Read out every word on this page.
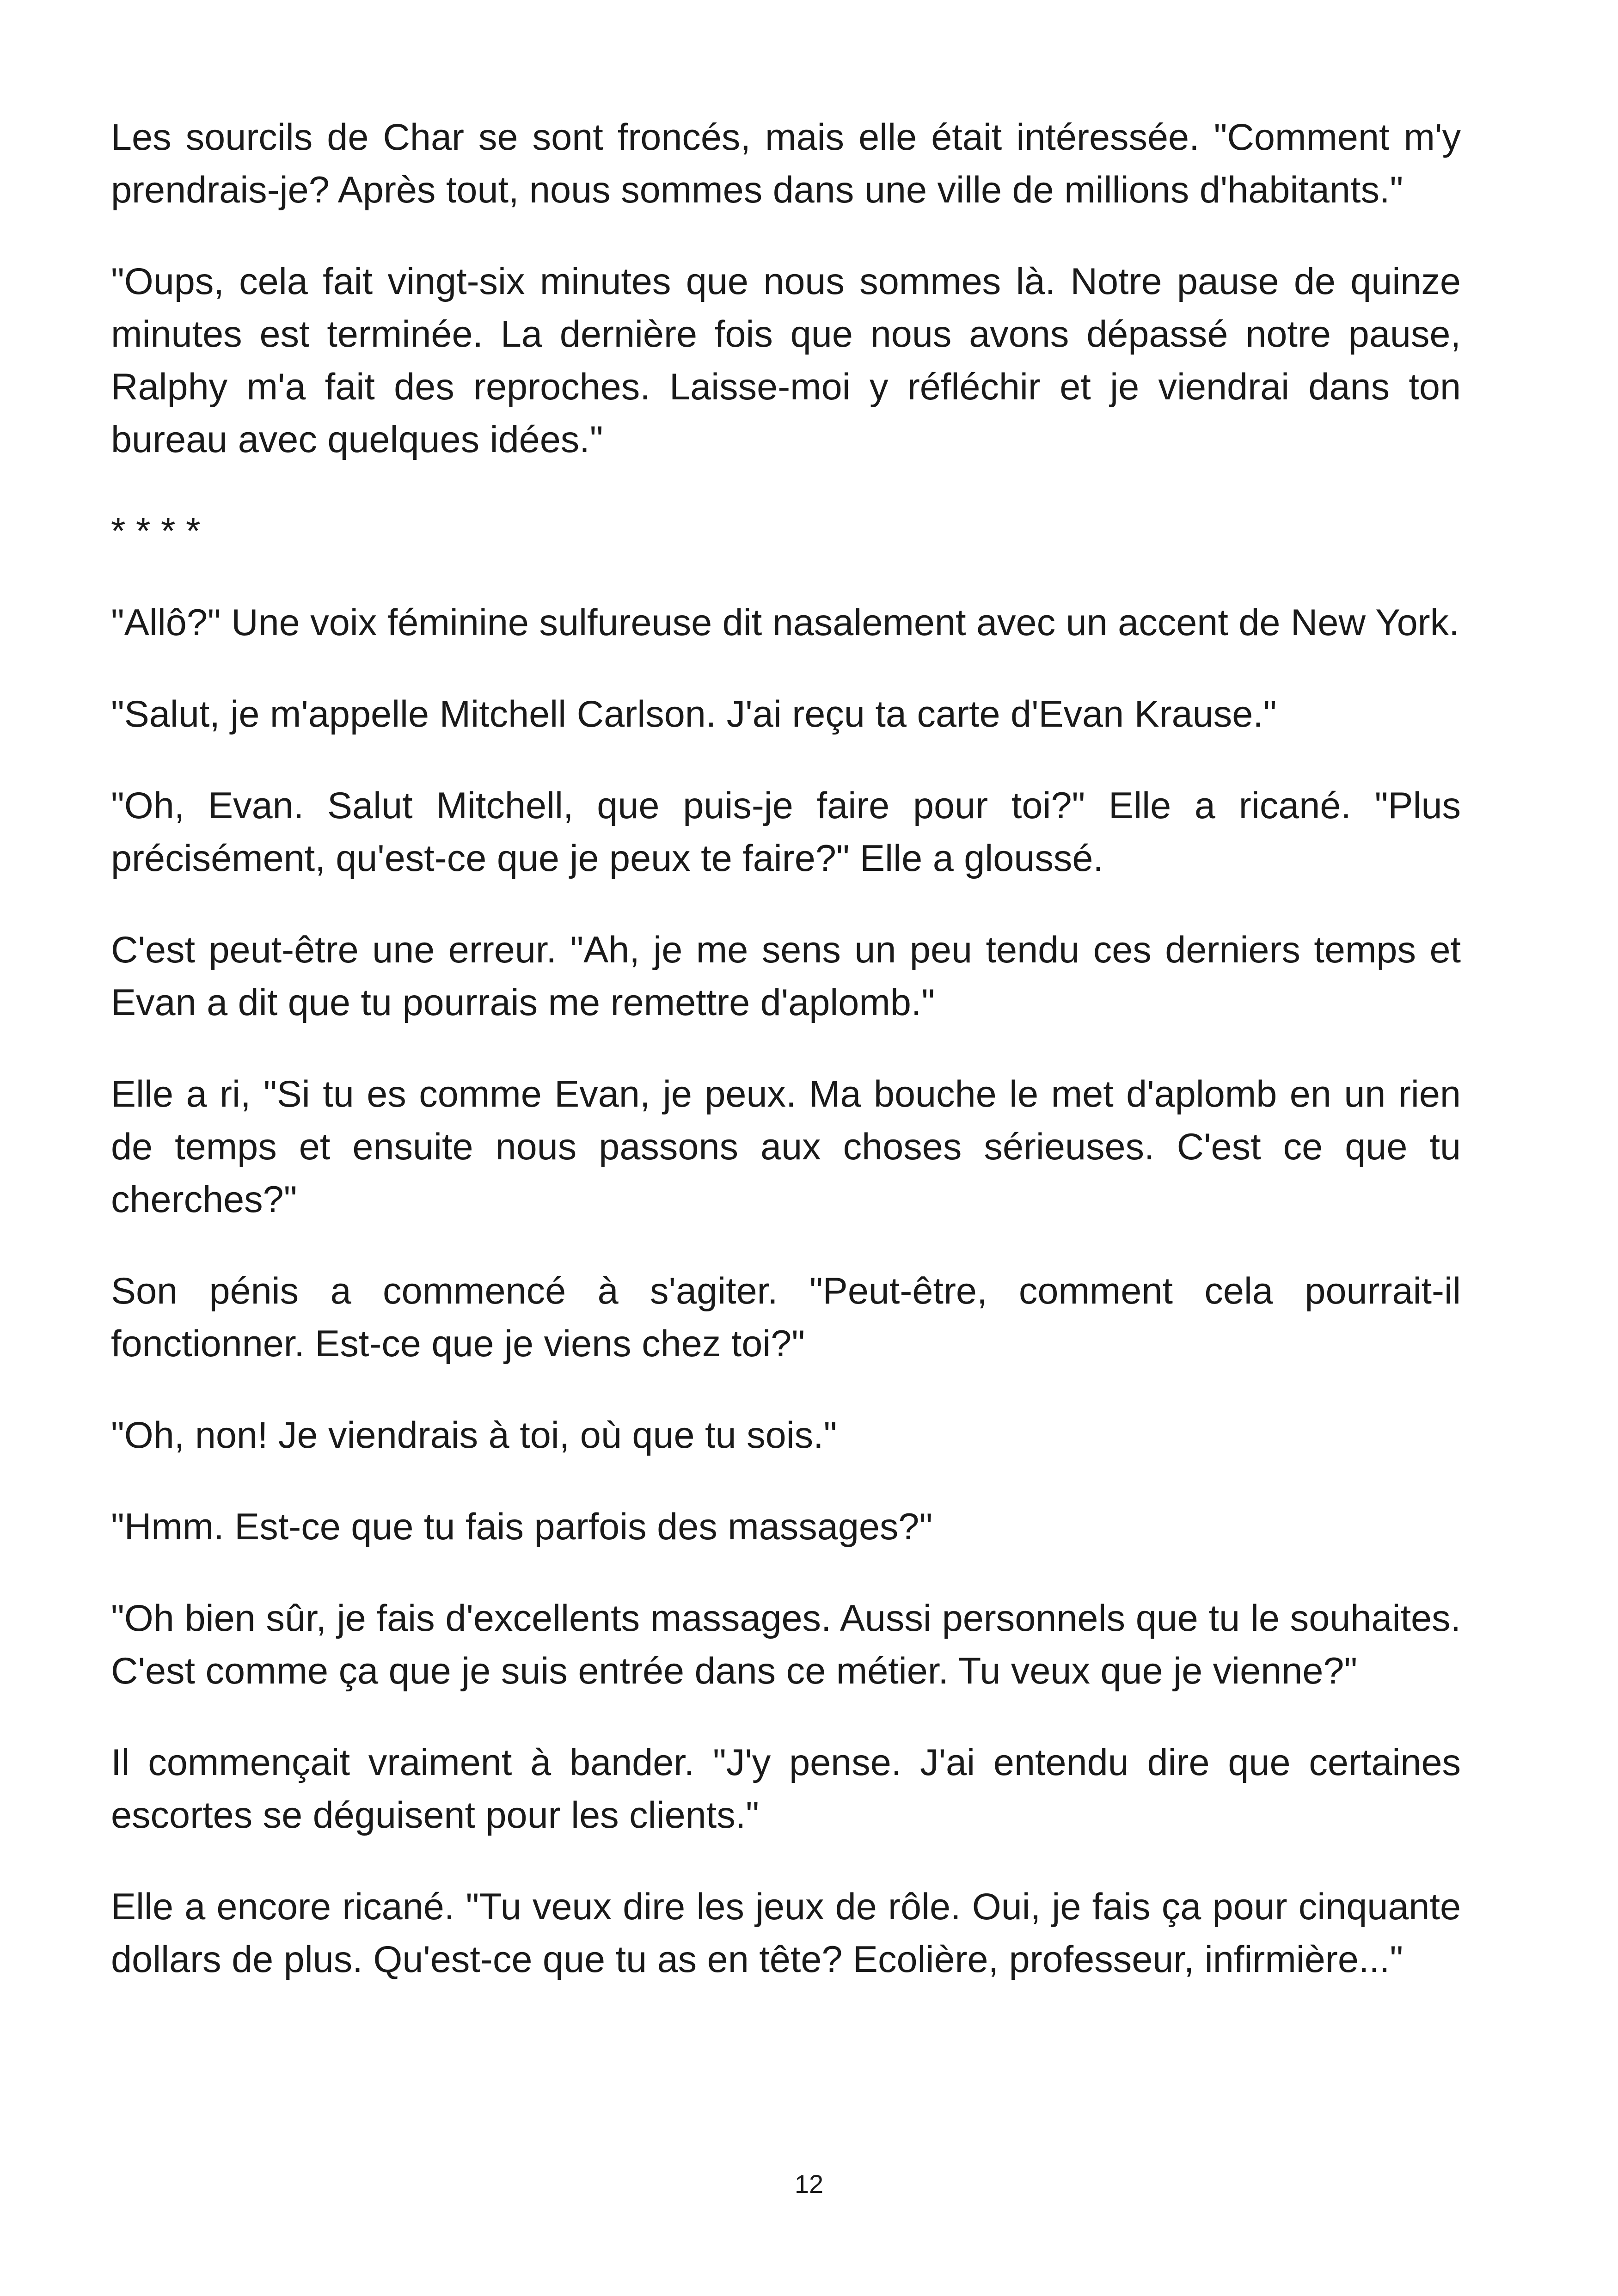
Les sourcils de Char se sont froncés, mais elle était intéressée. "Comment m'y prendrais-je? Après tout, nous sommes dans une ville de millions d'habitants."

"Oups, cela fait vingt-six minutes que nous sommes là. Notre pause de quinze minutes est terminée. La dernière fois que nous avons dépassé notre pause, Ralphy m'a fait des reproches. Laisse-moi y réfléchir et je viendrai dans ton bureau avec quelques idées."

* * * *

"Allô?" Une voix féminine sulfureuse dit nasalement avec un accent de New York.

"Salut, je m'appelle Mitchell Carlson. J'ai reçu ta carte d'Evan Krause."

"Oh, Evan. Salut Mitchell, que puis-je faire pour toi?" Elle a ricané. "Plus précisément, qu'est-ce que je peux te faire?" Elle a gloussé.

C'est peut-être une erreur. "Ah, je me sens un peu tendu ces derniers temps et Evan a dit que tu pourrais me remettre d'aplomb."

Elle a ri, "Si tu es comme Evan, je peux. Ma bouche le met d'aplomb en un rien de temps et ensuite nous passons aux choses sérieuses. C'est ce que tu cherches?"

Son pénis a commencé à s'agiter. "Peut-être, comment cela pourrait-il fonctionner. Est-ce que je viens chez toi?"

"Oh, non! Je viendrais à toi, où que tu sois."

"Hmm. Est-ce que tu fais parfois des massages?"

"Oh bien sûr, je fais d'excellents massages. Aussi personnels que tu le souhaites. C'est comme ça que je suis entrée dans ce métier. Tu veux que je vienne?"

Il commençait vraiment à bander. "J'y pense. J'ai entendu dire que certaines escortes se déguisent pour les clients."

Elle a encore ricané. "Tu veux dire les jeux de rôle. Oui, je fais ça pour cinquante dollars de plus. Qu'est-ce que tu as en tête? Ecolière, professeur, infirmière..."

12
